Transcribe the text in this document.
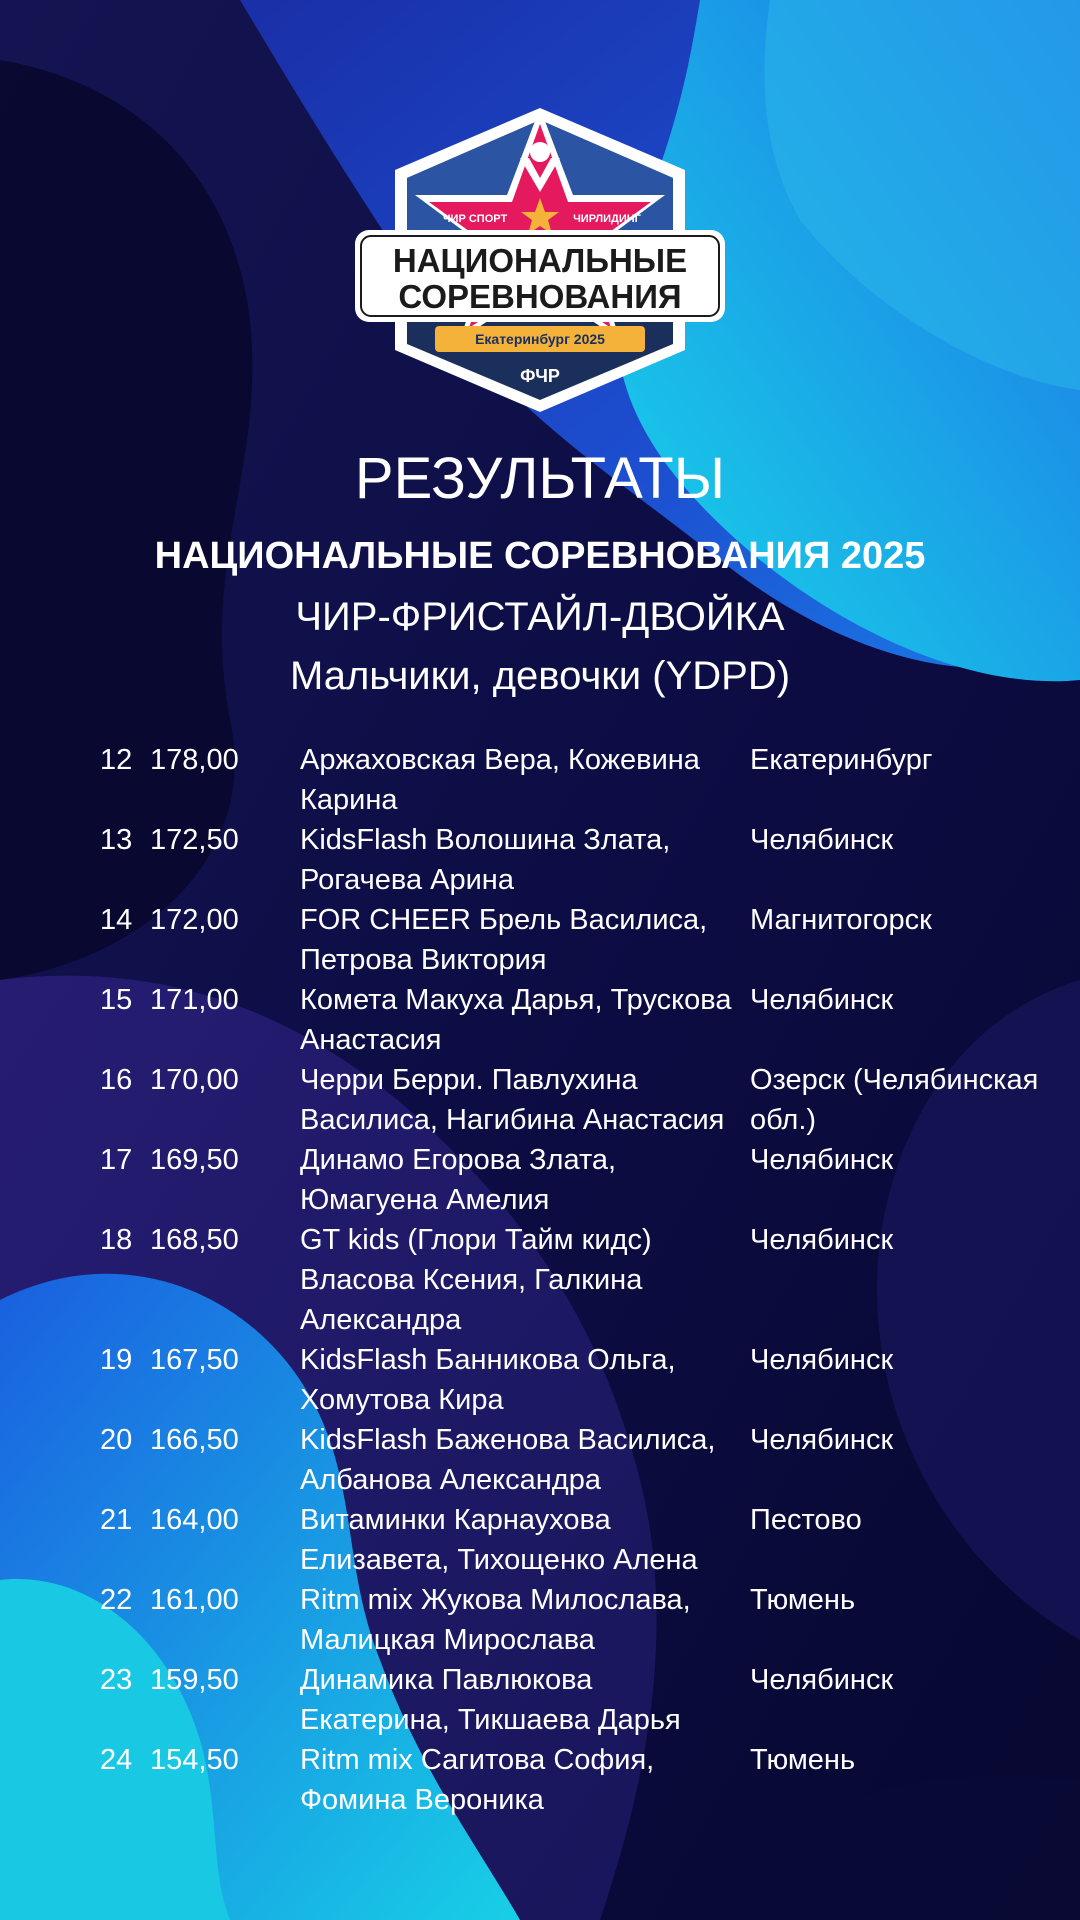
ЧИР СПОРТ	ЧИРЛИДИНГ
НАЦИОНАЛЬНЫЕ
СОРЕВНОВАНИЯ
Екатеринбург 2025
ФЧР
РЕЗУЛЬТАТЫ
НАЦИОНАЛЬНЫЕ СОРЕВНОВАНИЯ 2025
ЧИР-ФРИСТАЙЛ-ДВОЙКА
Мальчики, девочки (YDPD)
12 178,00 Аржаховская Вера, Кожевина Карина
Екатеринбург
13 172,50 KidsFlash Волошина Злата, Рогачева Арина
Челябинск
14 172,00 FOR CHEER Брель Василиса, Петрова Виктория
Магнитогорск
15 171,00 Комета Макуха Дарья, Трускова Анастасия
Челябинск
16 170,00 Черри Берри. Павлухина Василиса, Нагибина Анастасия
Озерск (Челябинская обл.)
17 169,50 Динамо Егорова Злата, Юмагуена Амелия
Челябинск
18 168,50 GT kids (Глори Тайм кидс) Власова Ксения, Галкина Александра
Челябинск
19 167,50 KidsFlash Банникова Ольга, Хомутова Кира
Челябинск
20 166,50 KidsFlash Баженова Василиса, Албанова Александра
Челябинск
21 164,00 Витаминки Карнаухова Елизавета, Тихощенко Алена
Пестово
22 161,00 Ritm mix Жукова Милослава, Малицкая Мирослава
Тюмень
23 159,50 Динамика Павлюкова Екатерина, Тикшаева Дарья
Челябинск
24 154,50 Ritm mix Сагитова София, Фомина Вероника
Тюмень
